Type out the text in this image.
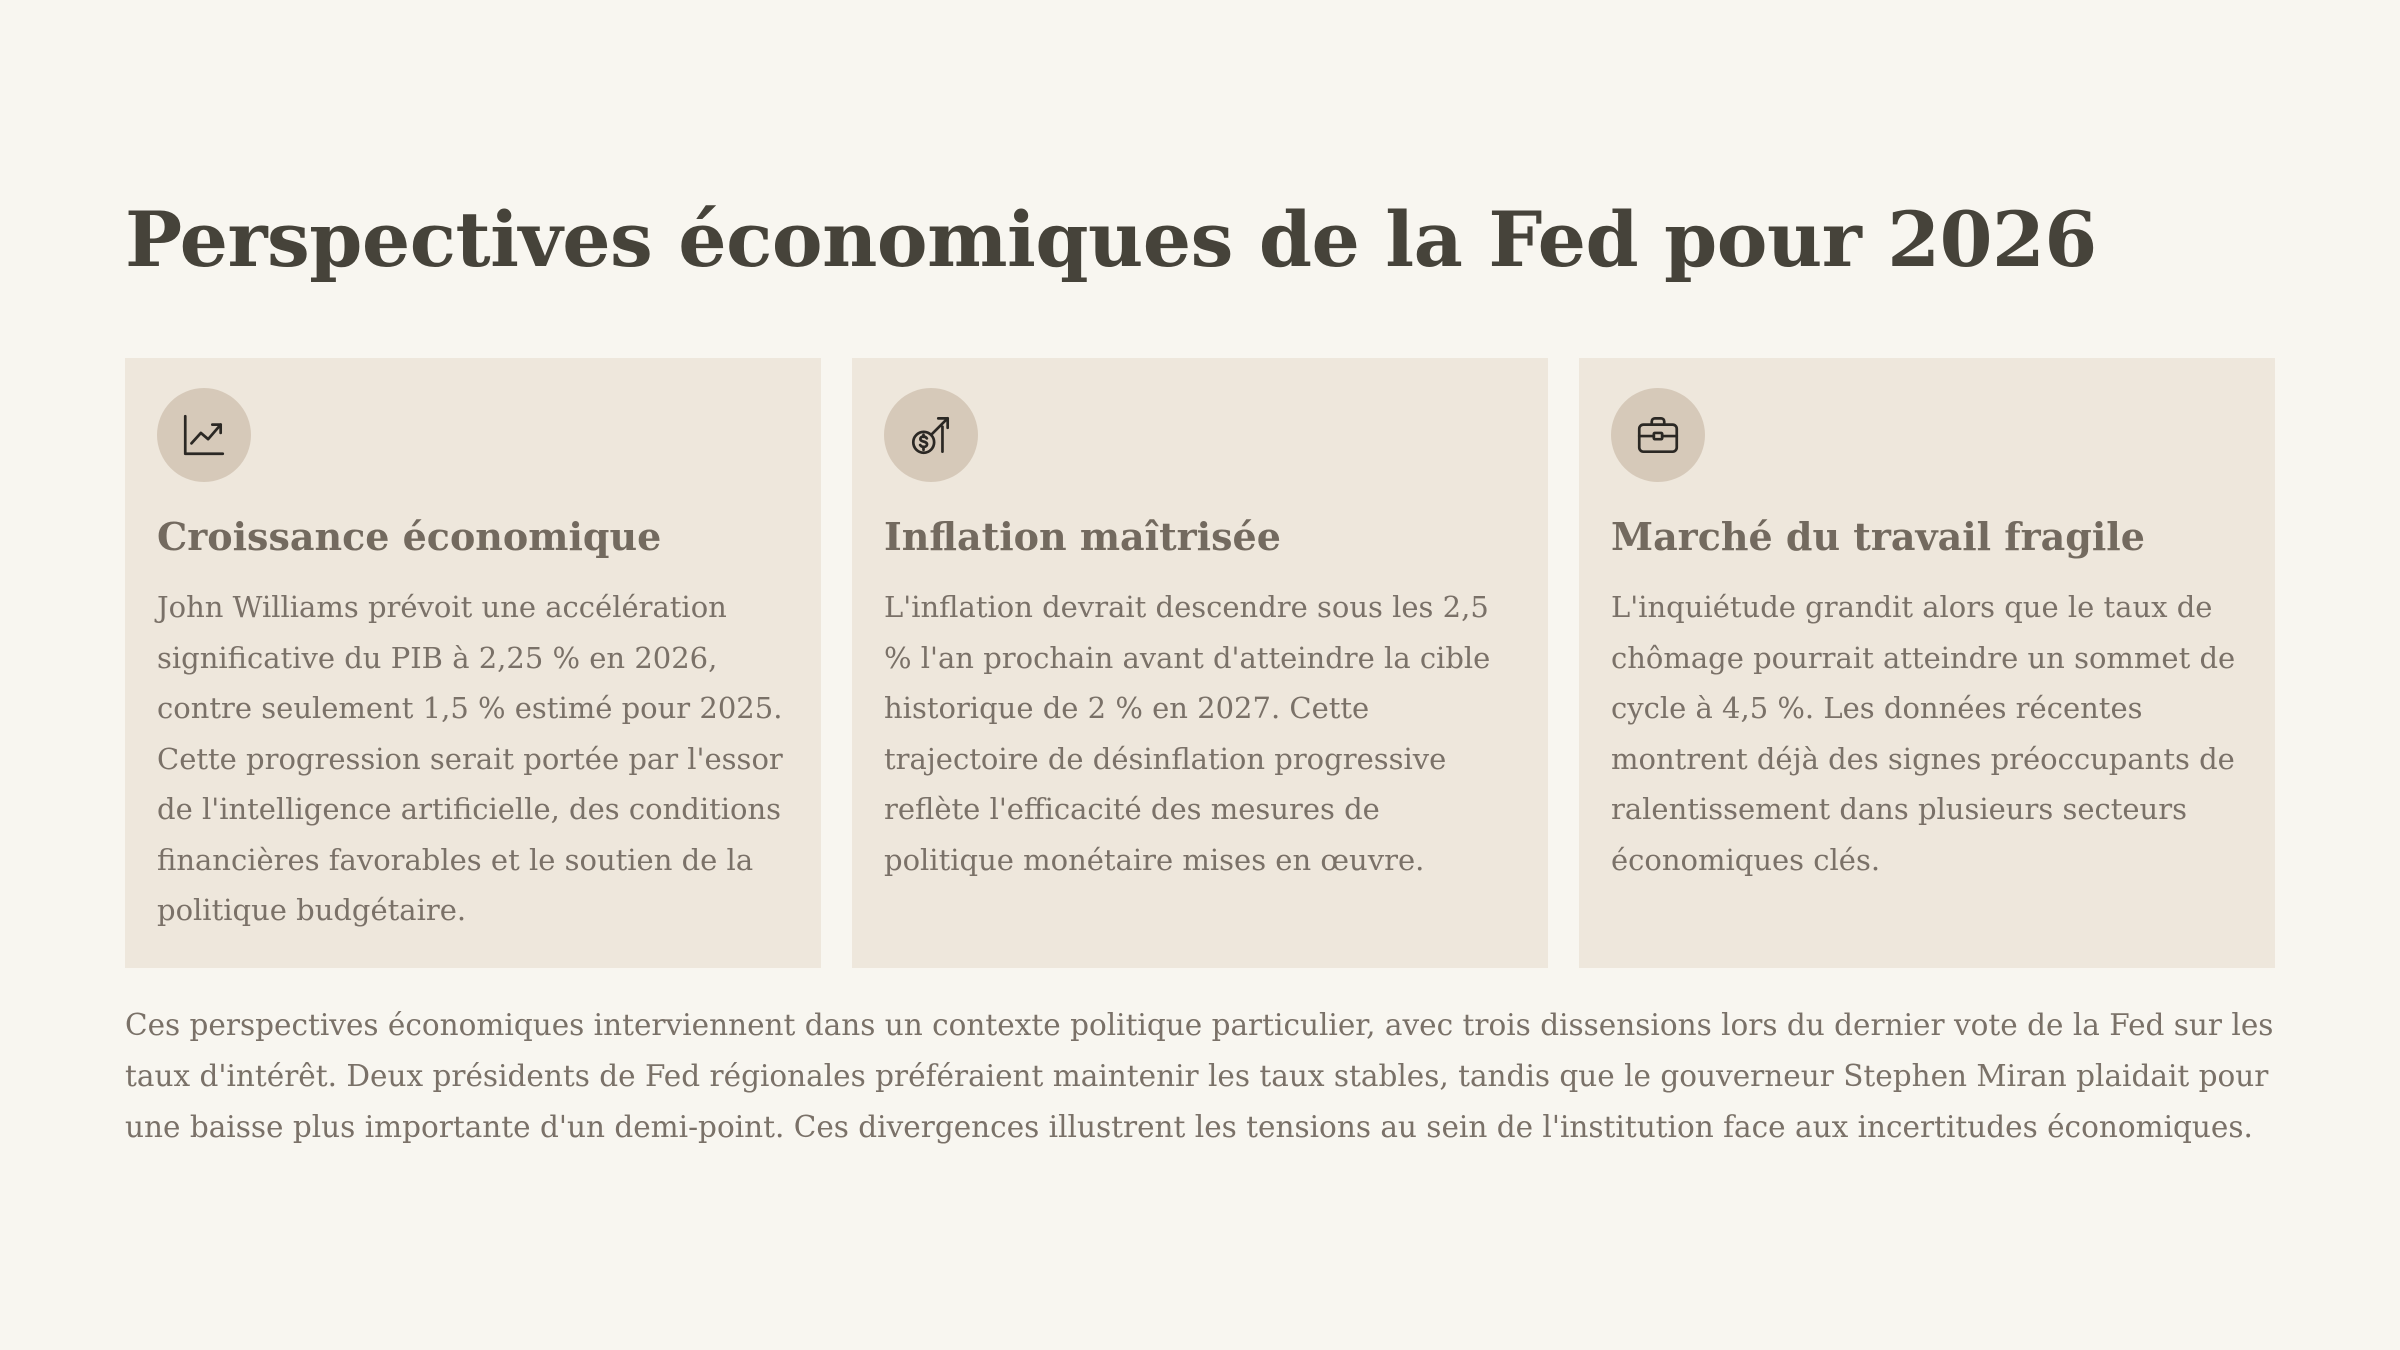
Perspectives économiques de la Fed pour 2026
Croissance économique

John Williams prévoit une accélération significative du PIB à 2,25 % en 2026, contre seulement 1,5 % estimé pour 2025. Cette progression serait portée par l'essor de l'intelligence artificielle, des conditions financières favorables et le soutien de la politique budgétaire.

Inflation maîtrisée

L'inflation devrait descendre sous les 2,5 % l'an prochain avant d'atteindre la cible historique de 2 % en 2027. Cette trajectoire de désinflation progressive reflète l'efficacité des mesures de politique monétaire mises en œuvre.

Marché du travail fragile

L'inquiétude grandit alors que le taux de chômage pourrait atteindre un sommet de cycle à 4,5 %. Les données récentes montrent déjà des signes préoccupants de ralentissement dans plusieurs secteurs économiques clés.

Ces perspectives économiques interviennent dans un contexte politique particulier, avec trois dissensions lors du dernier vote de la Fed sur les taux d'intérêt. Deux présidents de Fed régionales préféraient maintenir les taux stables, tandis que le gouverneur Stephen Miran plaidait pour une baisse plus importante d'un demi-point. Ces divergences illustrent les tensions au sein de l'institution face aux incertitudes économiques.
